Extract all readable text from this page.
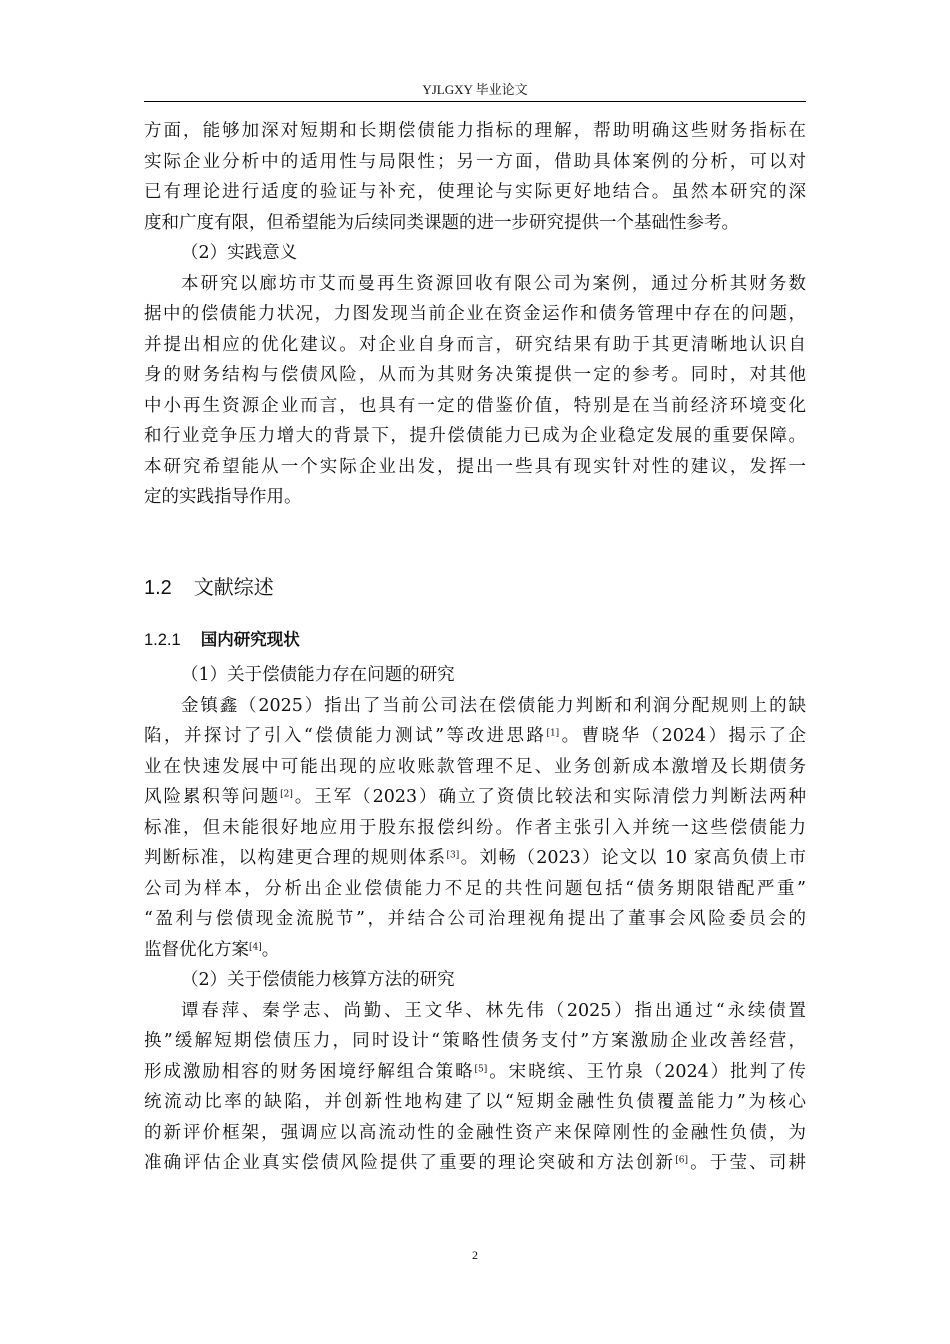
YJLGXY 毕业论文
方面，能够加深对短期和长期偿债能力指标的理解，帮助明确这些财务指标在
实际企业分析中的适用性与局限性；另一方面，借助具体案例的分析，可以对
已有理论进行适度的验证与补充，使理论与实际更好地结合。虽然本研究的深
度和广度有限，但希望能为后续同类课题的进一步研究提供一个基础性参考。
（2）实践意义
本研究以廊坊市艾而曼再生资源回收有限公司为案例，通过分析其财务数
据中的偿债能力状况，力图发现当前企业在资金运作和债务管理中存在的问题，
并提出相应的优化建议。对企业自身而言，研究结果有助于其更清晰地认识自
身的财务结构与偿债风险，从而为其财务决策提供一定的参考。同时，对其他
中小再生资源企业而言，也具有一定的借鉴价值，特别是在当前经济环境变化
和行业竞争压力增大的背景下，提升偿债能力已成为企业稳定发展的重要保障。
本研究希望能从一个实际企业出发，提出一些具有现实针对性的建议，发挥一
定的实践指导作用。
1.2 文献综述
1.2.1 国内研究现状
（1）关于偿债能力存在问题的研究
金镇鑫（2025）指出了当前公司法在偿债能力判断和利润分配规则上的缺
陷，并探讨了引入“偿债能力测试”等改进思路[1]。曹晓华（2024）揭示了企
业在快速发展中可能出现的应收账款管理不足、业务创新成本激增及长期债务
风险累积等问题[2]。王军（2023）确立了资债比较法和实际清偿力判断法两种
标准，但未能很好地应用于股东报偿纠纷。作者主张引入并统一这些偿债能力
判断标准，以构建更合理的规则体系[3]。刘畅（2023）论文以 10 家高负债上市
公司为样本，分析出企业偿债能力不足的共性问题包括“债务期限错配严重”
“盈利与偿债现金流脱节”，并结合公司治理视角提出了董事会风险委员会的
监督优化方案[4]。
（2）关于偿债能力核算方法的研究
谭春萍、秦学志、尚勤、王文华、林先伟（2025）指出通过“永续债置
换”缓解短期偿债压力，同时设计“策略性债务支付”方案激励企业改善经营，
形成激励相容的财务困境纾解组合策略[5]。宋晓缤、王竹泉（2024）批判了传
统流动比率的缺陷，并创新性地构建了以“短期金融性负债覆盖能力”为核心
的新评价框架，强调应以高流动性的金融性资产来保障刚性的金融性负债，为
准确评估企业真实偿债风险提供了重要的理论突破和方法创新[6]。于莹、司耕
2
